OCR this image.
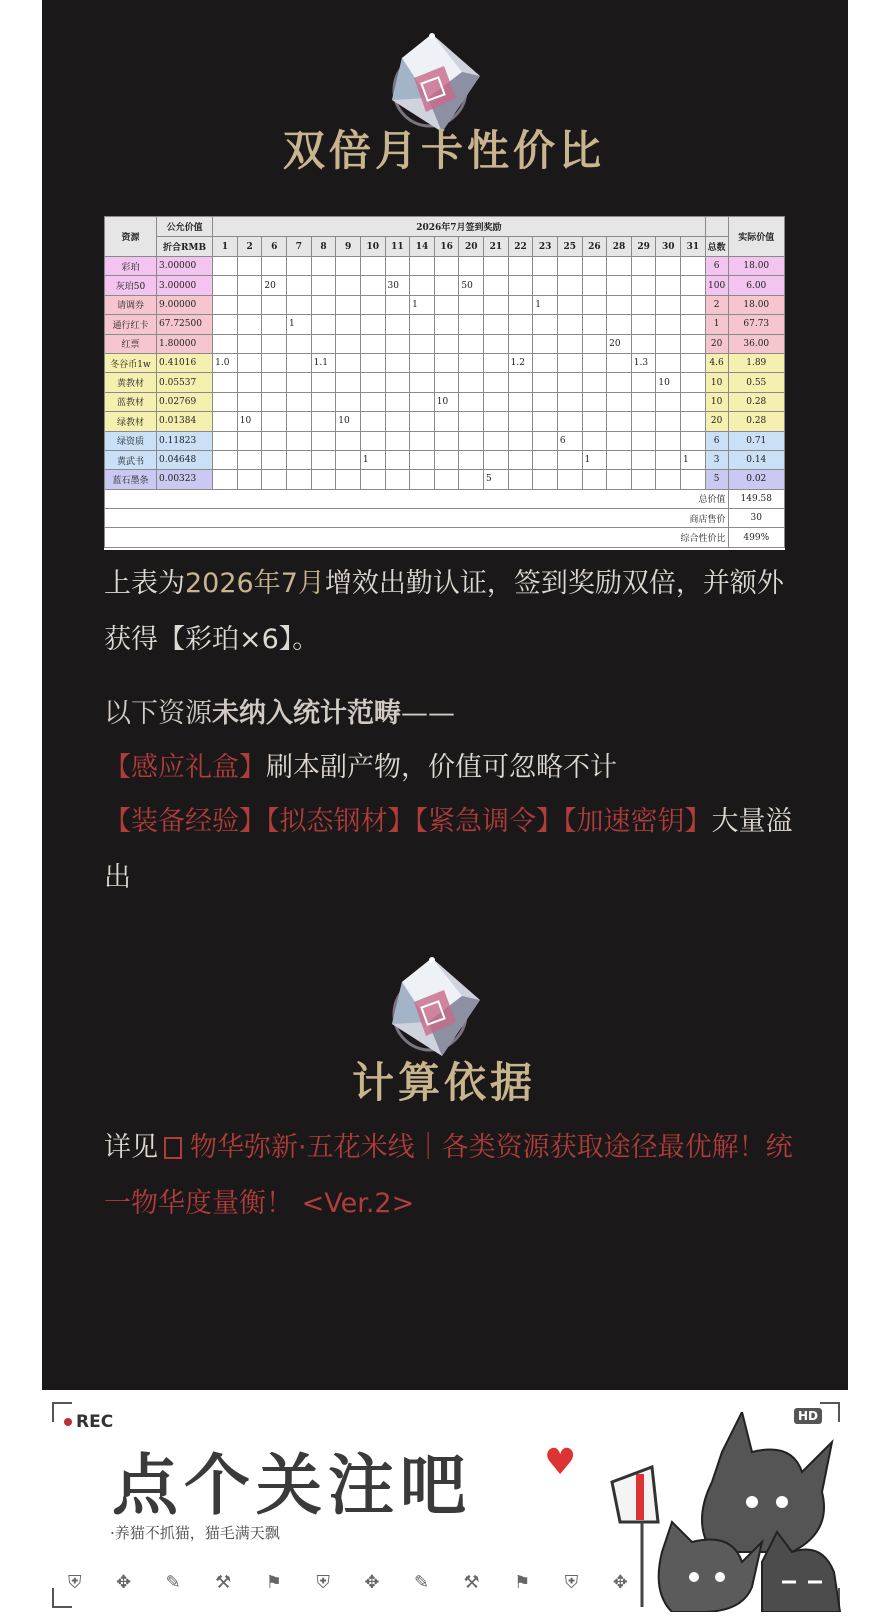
双倍月卡性价比
资源	公允价值	2026年7月签到奖励																					实际价值
	折合RMB	1	2	6	7	8	9	10	11	14	16	20	21	22	23	25	26	28	29	30	31	总数	
彩珀	3.00000																					6	18.00
灰珀50	3.00000			20					30			50										100	6.00
请调券	9.00000									1					1							2	18.00
通行红卡	67.72500				1																	1	67.73
红票	1.80000																	20				20	36.00
冬谷币1w	0.41016	1.0				1.1								1.2					1.3			4.6	1.89
黄教材	0.05537																			10		10	0.55
蓝教材	0.02769										10											10	0.28
绿教材	0.01384		10				10															20	0.28
绿资质	0.11823															6						6	0.71
黄武书	0.04648							1									1				1	3	0.14
蓝石墨条	0.00323												5									5	0.02
总价值																							149.58
商店售价																							30
综合性价比																							499%
上表为2026年7月增效出勤认证，签到奖励双倍，并额外获得【彩珀×6】。
以下资源未纳入统计范畴——
【感应礼盒】刷本副产物，价值可忽略不计
【装备经验】【拟态钢材】【紧急调令】【加速密钥】大量溢出
计算依据
详见 物华弥新·五花米线｜各类资源获取途径最优解！统一物华度量衡！ <Ver.2>
REC	HD
点个关注吧 ♥
·养猫不抓猫，猫毛满天飘
⛨ ✥ ✎ ⚒ ⚑ ⛨ ✥ ✎ ⚒ ⚑ ⛨ ✥
